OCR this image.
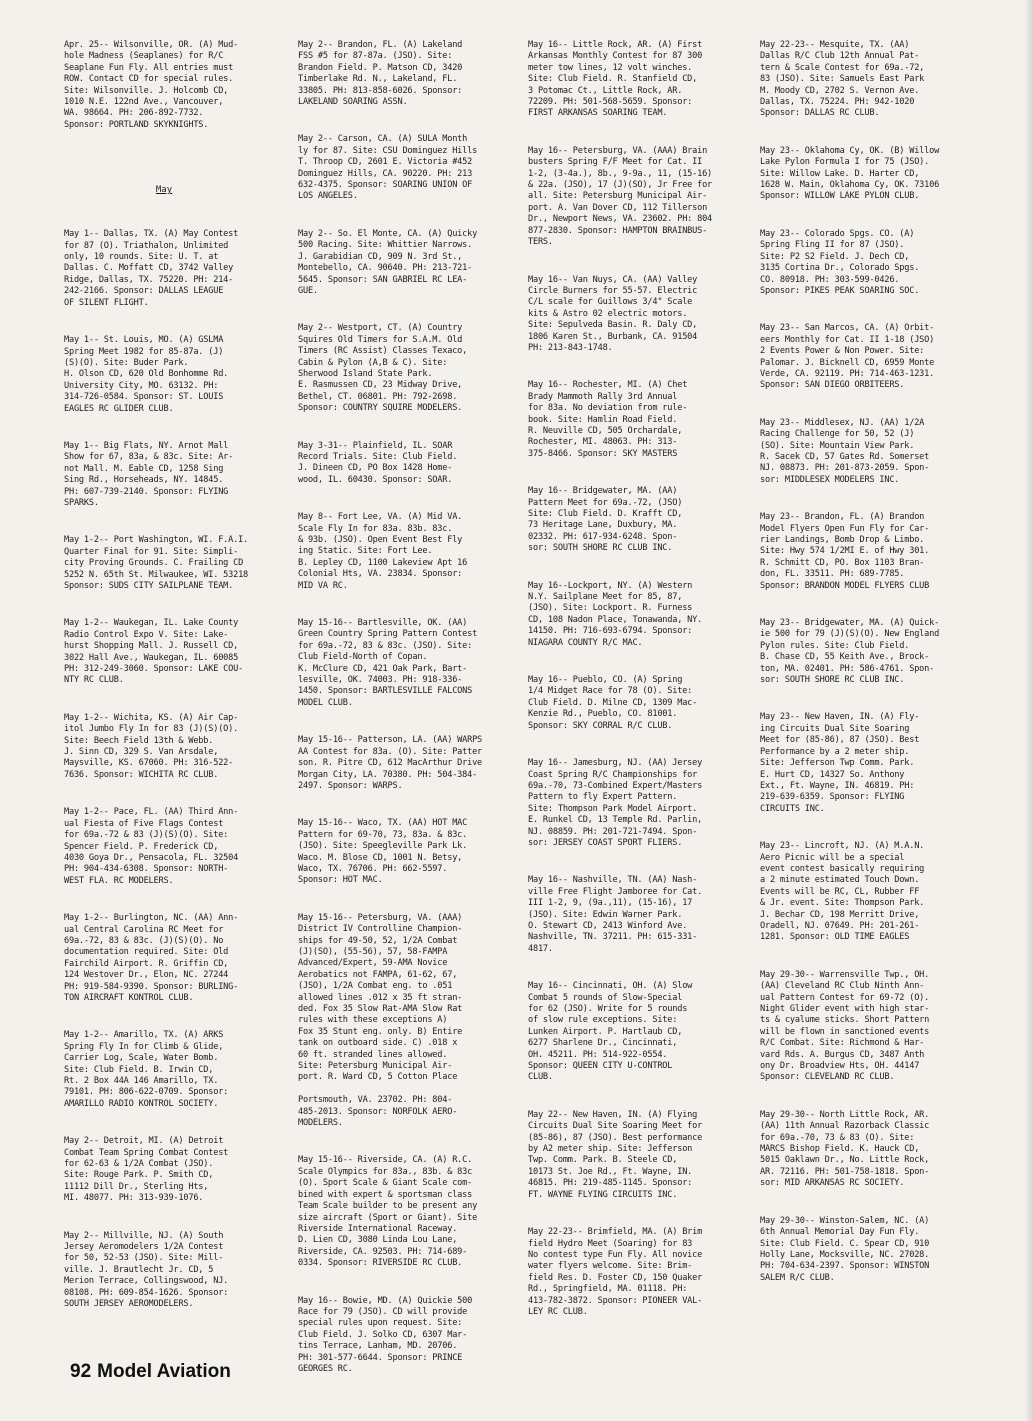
Apr. 25-- Wilsonville, OR. (A) Mud-
hole Madness (Seaplanes) for R/C
Seaplane Fun Fly. All entries must
ROW. Contact CD for special rules.
Site: Wilsonville. J. Holcomb CD,
1010 N.E. 122nd Ave., Vancouver,
WA. 98664. PH: 206-892-7732.
Sponsor: PORTLAND SKYKNIGHTS.

May

May 1-- Dallas, TX. (A) May Contest
for 87 (O). Triathalon, Unlimited
only, 10 rounds. Site: U. T. at
Dallas. C. Moffatt CD, 3742 Valley
Ridge, Dallas, TX. 75220. PH: 214-
242-2166. Sponsor: DALLAS LEAGUE
OF SILENT FLIGHT.

May 1-- St. Louis, MO. (A) GSLMA
Spring Meet 1982 for 85-87a. (J)
(S)(O). Site: Buder Park.
H. Olson CD, 620 Old Bonhomme Rd.
University City, MO. 63132. PH:
314-726-0584. Sponsor: ST. LOUIS
EAGLES RC GLIDER CLUB.

May 1-- Big Flats, NY. Arnot Mall
Show for 67, 83a, & 83c. Site: Ar-
not Mall. M. Eable CD, 1258 Sing
Sing Rd., Horseheads, NY. 14845.
PH: 607-739-2140. Sponsor: FLYING
SPARKS.

May 1-2-- Port Washington, WI. F.A.I.
Quarter Final for 91. Site: Simpli-
city Proving Grounds. C. Frailing CD
5252 N. 65th St. Milwaukee, WI. 53218
Sponsor: SUDS CITY SAILPLANE TEAM.

May 1-2-- Waukegan, IL. Lake County
Radio Control Expo V. Site: Lake-
hurst Shopping Mall. J. Russell CD,
3022 Hall Ave., Waukegan, IL. 60085
PH: 312-249-3060. Sponsor: LAKE COU-
NTY RC CLUB.

May 1-2-- Wichita, KS. (A) Air Cap-
itol Jumbo Fly In for 83 (J)(S)(O).
Site: Beech Field 13th & Webb.
J. Sinn CD, 329 S. Van Arsdale,
Maysville, KS. 67060. PH: 316-522-
7636. Sponsor: WICHITA RC CLUB.

May 1-2-- Pace, FL. (AA) Third Ann-
ual Fiesta of Five Flags Contest
for 69a.-72 & 83 (J)(S)(O). Site:
Spencer Field. P. Frederick CD,
4030 Goya Dr., Pensacola, FL. 32504
PH: 904-434-6308. Sponsor: NORTH-
WEST FLA. RC MODELERS.

May 1-2-- Burlington, NC. (AA) Ann-
ual Central Carolina RC Meet for
69a.-72, 83 & 83c. (J)(S)(O). No
documentation required. Site: Old
Fairchild Airport. R. Griffin CD,
124 Westover Dr., Elon, NC. 27244
PH: 919-584-9390. Sponsor: BURLING-
TON AIRCRAFT KONTROL CLUB.

May 1-2-- Amarillo, TX. (A) ARKS
Spring Fly In for Climb & Glide,
Carrier Log, Scale, Water Bomb.
Site: Club Field. B. Irwin CD,
Rt. 2 Box 44A 146 Amarillo, TX.
79101. PH: 806-622-0709. Sponsor:
AMARILLO RADIO KONTROL SOCIETY.

May 2-- Detroit, MI. (A) Detroit
Combat Team Spring Combat Contest
for 62-63 & 1/2A Combat (JSO).
Site: Rouge Park. P. Smith CD,
11112 Dill Dr., Sterling Hts,
MI. 48077. PH: 313-939-1076.

May 2-- Millville, NJ. (A) South
Jersey Aeromodelers 1/2A Contest
for 50, 52-53 (JSO). Site: Mill-
ville. J. Brautlecht Jr. CD, 5
Merion Terrace, Collingswood, NJ.
08108. PH: 609-854-1626. Sponsor:
SOUTH JERSEY AEROMODELERS.

May 2-- Brandon, FL. (A) Lakeland
FSS #5 for 87-87a. (JSO). Site:
Brandon Field. P. Matson CD, 3420
Timberlake Rd. N., Lakeland, FL.
33805. PH: 813-858-6026. Sponsor:
LAKELAND SOARING ASSN.

May 2-- Carson, CA. (A) SULA Month
ly for 87. Site: CSU Dominguez Hills
T. Throop CD, 2601 E. Victoria #452
Dominguez Hills, CA. 90220. PH: 213
632-4375. Sponsor: SOARING UNION OF
LOS ANGELES.

May 2-- So. El Monte, CA. (A) Quicky
500 Racing. Site: Whittier Narrows.
J. Garabidian CD, 909 N. 3rd St.,
Montebello, CA. 90640. PH: 213-721-
5645. Sponsor: SAN GABRIEL RC LEA-
GUE.

May 2-- Westport, CT. (A) Country
Squires Old Timers for S.A.M. Old
Timers (RC Assist) Classes Texaco,
Cabin & Pylon (A,B & C). Site:
Sherwood Island State Park.
E. Rasmussen CD, 23 Midway Drive,
Bethel, CT. 06801. PH: 792-2698.
Sponsor: COUNTRY SQUIRE MODELERS.

May 3-31-- Plainfield, IL. SOAR
Record Trials. Site: Club Field.
J. Dineen CD, PO Box 1428 Home-
wood, IL. 60430. Sponsor: SOAR.

May 8-- Fort Lee, VA. (A) Mid VA.
Scale Fly In for 83a. 83b. 83c.
& 93b. (JSO). Open Event Best Fly
ing Static. Site: Fort Lee.
B. Lepley CD, 1100 Lakeview Apt 16
Colonial Hts, VA. 23834. Sponsor:
MID VA RC.

May 15-16-- Bartlesville, OK. (AA)
Green Country Spring Pattern Contest
for 69a.-72, 83 & 83c. (JSO). Site:
Club Field-North of Copan.
K. McClure CD, 421 Oak Park, Bart-
lesville, OK. 74003. PH: 918-336-
1450. Sponsor: BARTLESVILLE FALCONS
MODEL CLUB.

May 15-16-- Patterson, LA. (AA) WARPS
AA Contest for 83a. (O). Site: Patter
son. R. Pitre CD, 612 MacArthur Drive
Morgan City, LA. 70380. PH: 504-384-
2497. Sponsor: WARPS.

May 15-16-- Waco, TX. (AA) HOT MAC
Pattern for 69-70, 73, 83a. & 83c.
(JSO). Site: Speegleville Park Lk.
Waco. M. Blose CD, 1001 N. Betsy,
Waco, TX. 76706. PH: 662-5597.
Sponsor: HOT MAC.

May 15-16-- Petersburg, VA. (AAA)
District IV Controlline Champion-
ships for 49-50, 52, 1/2A Combat
(J)(SO), (55-56), 57, 58-FAMPA
Advanced/Expert, 59-AMA Novice
Aerobatics not FAMPA, 61-62, 67,
(JSO), 1/2A Combat eng. to .051
allowed lines .012 x 35 ft stran-
ded. Fox 35 Slow Rat-AMA Slow Rat
rules with these exceptions A)
Fox 35 Stunt eng. only. B) Entire
tank on outboard side. C) .018 x
60 ft. stranded lines allowed.
Site: Petersburg Municipal Air-
port. R. Ward CD, 5 Cotton Place

Portsmouth, VA. 23702. PH: 804-
485-2013. Sponsor: NORFOLK AERO-
MODELERS.

May 15-16-- Riverside, CA. (A) R.C.
Scale Olympics for 83a., 83b. & 83c
(O). Sport Scale & Giant Scale com-
bined with expert & sportsman class
Team Scale builder to be present any
size aircraft (Sport or Giant). Site
Riverside International Raceway.
D. Lien CD, 3080 Linda Lou Lane,
Riverside, CA. 92503. PH: 714-689-
0334. Sponsor: RIVERSIDE RC CLUB.

May 16-- Bowie, MD. (A) Quickie 500
Race for 79 (JSO). CD will provide
special rules upon request. Site:
Club Field. J. Solko CD, 6307 Mar-
tins Terrace, Lanham, MD. 20706.
PH: 301-577-6644. Sponsor: PRINCE
GEORGES RC.

May 16-- Little Rock, AR. (A) First
Arkansas Monthly Contest for 87 300
meter tow lines, 12 volt winches.
Site: Club Field. R. Stanfield CD,
3 Potomac Ct., Little Rock, AR.
72209. PH: 501-568-5659. Sponsor:
FIRST ARKANSAS SOARING TEAM.

May 16-- Petersburg, VA. (AAA) Brain
busters Spring F/F Meet for Cat. II
1-2, (3-4a.), 8b., 9-9a., 11, (15-16)
& 22a. (JSO), 17 (J)(SO), Jr Free for
all. Site: Petersburg Municipal Air-
port. A. Van Dover CD, 112 Tillerson
Dr., Newport News, VA. 23602. PH: 804
877-2830. Sponsor: HAMPTON BRAINBUS-
TERS.

May 16-- Van Nuys, CA. (AA) Valley
Circle Burners for 55-57. Electric
C/L scale for Guillows 3/4" Scale
kits & Astro 02 electric motors.
Site: Sepulveda Basin. R. Daly CD,
1806 Karen St., Burbank, CA. 91504
PH: 213-843-1748.

May 16-- Rochester, MI. (A) Chet
Brady Mammoth Rally 3rd Annual
for 83a. No deviation from rule-
book. Site: Hamlin Road Field.
R. Neuville CD, 505 Orchardale,
Rochester, MI. 48063. PH: 313-
375-8466. Sponsor: SKY MASTERS

May 16-- Bridgewater, MA. (AA)
Pattern Meet for 69a.-72, (JSO)
Site: Club Field. D. Krafft CD,
73 Heritage Lane, Duxbury, MA.
02332. PH: 617-934-6248. Spon-
sor: SOUTH SHORE RC CLUB INC.

May 16--Lockport, NY. (A) Western
N.Y. Sailplane Meet for 85, 87,
(JSO). Site: Lockport. R. Furness
CD, 108 Nadon Place, Tonawanda, NY.
14150. PH: 716-693-6794. Sponsor:
NIAGARA COUNTY R/C MAC.

May 16-- Pueblo, CO. (A) Spring
1/4 Midget Race for 78 (O). Site:
Club Field. D. Milne CD, 1309 Mac-
Kenzie Rd., Pueblo, CO. 81001.
Sponsor: SKY CORRAL R/C CLUB.

May 16-- Jamesburg, NJ. (AA) Jersey
Coast Spring R/C Championships for
69a.-70, 73-Combined Expert/Masters
Pattern to fly Expert Pattern.
Site: Thompson Park Model Airport.
E. Runkel CD, 13 Temple Rd. Parlin,
NJ. 08859. PH: 201-721-7494. Spon-
sor: JERSEY COAST SPORT FLIERS.

May 16-- Nashville, TN. (AA) Nash-
ville Free Flight Jamboree for Cat.
III 1-2, 9, (9a.,11), (15-16), 17
(JSO). Site: Edwin Warner Park.
O. Stewart CD, 2413 Winford Ave.
Nashville, TN. 37211. PH: 615-331-
4817.

May 16-- Cincinnati, OH. (A) Slow
Combat 5 rounds of Slow-Special
for 62 (JSO). Write for 5 rounds
of slow rule exceptions. Site:
Lunken Airport. P. Hartlaub CD,
6277 Sharlene Dr., Cincinnati,
OH. 45211. PH: 514-922-0554.
Sponsor: QUEEN CITY U-CONTROL
CLUB.

May 22-- New Haven, IN. (A) Flying
Circuits Dual Site Soaring Meet for
(85-86), 87 (JSO). Best performance
by A2 meter ship. Site: Jefferson
Twp. Comm. Park. B. Steele CD,
10173 St. Joe Rd., Ft. Wayne, IN.
46815. PH: 219-485-1145. Sponsor:
FT. WAYNE FLYING CIRCUITS INC.

May 22-23-- Brimfield, MA. (A) Brim
field Hydro Meet (Soaring) for 83
No contest type Fun Fly. All novice
water flyers welcome. Site: Brim-
field Res. D. Foster CD, 150 Quaker
Rd., Springfield, MA. 01118. PH:
413-782-3872. Sponsor: PIONEER VAL-
LEY RC CLUB.

May 22-23-- Mesquite, TX. (AA)
Dallas R/C Club 12th Annual Pat-
tern & Scale Contest for 69a.-72,
83 (JSO). Site: Samuels East Park
M. Moody CD, 2702 S. Vernon Ave.
Dallas, TX. 75224. PH: 942-1020
Sponsor: DALLAS RC CLUB.

May 23-- Oklahoma Cy, OK. (B) Willow
Lake Pylon Formula I for 75 (JSO).
Site: Willow Lake. D. Harter CD,
1628 W. Main, Oklahoma Cy, OK. 73106
Sponsor: WILLOW LAKE PYLON CLUB.

May 23-- Colorado Spgs. CO. (A)
Spring Fling II for 87 (JSO).
Site: P2 S2 Field. J. Dech CD,
3135 Cortina Dr., Colorado Spgs.
CO. 80918. PH: 303-599-0426.
Sponsor: PIKES PEAK SOARING SOC.

May 23-- San Marcos, CA. (A) Orbit-
eers Monthly for Cat. II 1-18 (JSO)
2 Events Power & Non Power. Site:
Palomar. J. Bicknell CD, 6959 Monte
Verde, CA. 92119. PH: 714-463-1231.
Sponsor: SAN DIEGO ORBITEERS.

May 23-- Middlesex, NJ. (AA) 1/2A
Racing Challenge for 50, 52 (J)
(SO). Site: Mountain View Park.
R. Sacek CD, 57 Gates Rd. Somerset
NJ. 08873. PH: 201-873-2059. Spon-
sor: MIDDLESEX MODELERS INC.

May 23-- Brandon, FL. (A) Brandon
Model Flyers Open Fun Fly for Car-
rier Landings, Bomb Drop & Limbo.
Site: Hwy 574 1/2MI E. of Hwy 301.
R. Schmitt CD, PO. Box 1103 Bran-
don, FL. 33511. PH: 689-7785.
Sponsor: BRANDON MODEL FLYERS CLUB

May 23-- Bridgewater, MA. (A) Quick-
ie 500 for 79 (J)(S)(O). New England
Pylon rules. Site: Club Field.
B. Chase CD, 55 Keith Ave., Brock-
ton, MA. 02401. PH: 586-4761. Spon-
sor: SOUTH SHORE RC CLUB INC.

May 23-- New Haven, IN. (A) Fly-
ing Circuits Dual Site Soaring
Meet for (85-86), 87 (JSO). Best
Performance by a 2 meter ship.
Site: Jefferson Twp Comm. Park.
E. Hurt CD, 14327 So. Anthony
Ext., Ft. Wayne, IN. 46819. PH:
219-639-6359. Sponsor: FLYING
CIRCUITS INC.

May 23-- Lincroft, NJ. (A) M.A.N.
Aero Picnic will be a special
event contest basically requiring
a 2 minute estimated Touch Down.
Events will be RC, CL, Rubber FF
& Jr. event. Site: Thompson Park.
J. Bechar CD, 198 Merritt Drive,
Oradell, NJ. 07649. PH: 201-261-
1281. Sponsor: OLD TIME EAGLES

May 29-30-- Warrensville Twp., OH.
(AA) Cleveland RC Club Ninth Ann-
ual Pattern Contest for 69-72 (O).
Night Glider event with high star-
ts & cyalume sticks. Short Pattern
will be flown in sanctioned events
R/C Combat. Site: Richmond & Har-
vard Rds. A. Burgus CD, 3487 Anth
ony Dr. Broadview Hts, OH. 44147
Sponsor: CLEVELAND RC CLUB.

May 29-30-- North Little Rock, AR.
(AA) 11th Annual Razorback Classic
for 69a.-70, 73 & 83 (O). Site:
MARCS Bishop Field. K. Hauck CD,
5015 Oaklawn Dr., No. Little Rock,
AR. 72116. PH: 501-758-1818. Spon-
sor: MID ARKANSAS RC SOCIETY.

May 29-30-- Winston-Salem, NC. (A)
6th Annual Memorial Day Fun Fly.
Site: Club Field. C. Spear CD, 910
Holly Lane, Mocksville, NC. 27028.
PH: 704-634-2397. Sponsor: WINSTON
SALEM R/C CLUB.

92 Model Aviation
